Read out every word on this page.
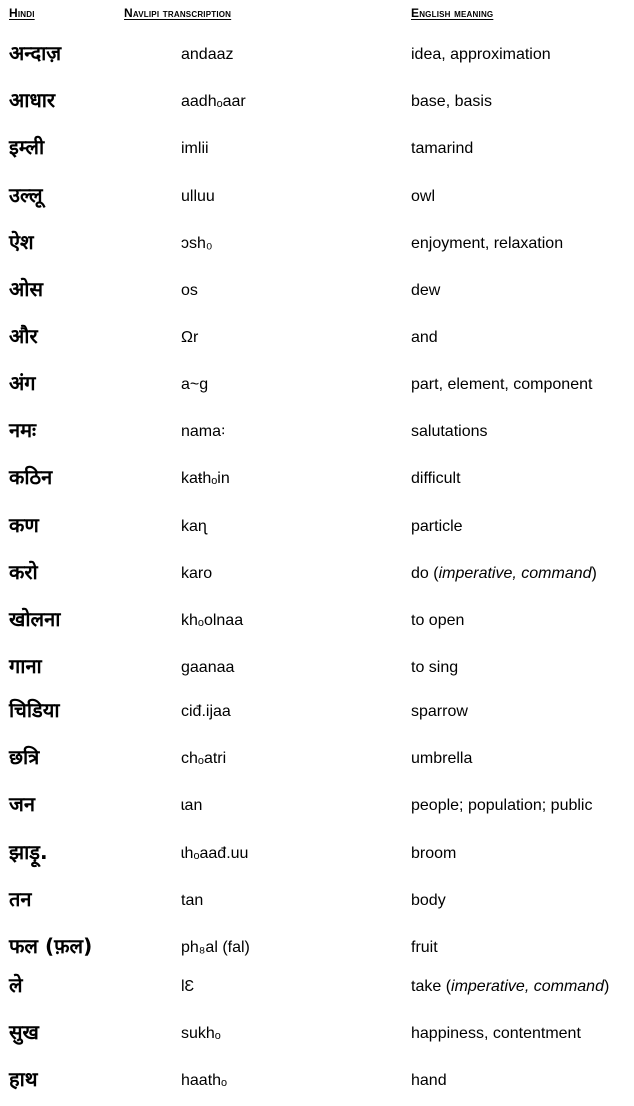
Hindi	Navlipi transcription	English meaning
अन्दाज़	andaaz	idea, approximation
आधार	aadhₒaar	base, basis
इम्ली	imlii	tamarind
उल्लू	ulluu	owl
ऐश	ɔsh₀	enjoyment, relaxation
ओस	os	dew
और	Ωr	and
अंग	a~g	part, element, component
नमः	nama꞉	salutations
कठिन	kaŧhₒin	difficult
कण	kaɳ	particle
करो	karo	do (imperative, command)
खोलना	khₒolnaa	to open
गाना	gaanaa	to sing
चिडिया	ciđ.ijaa	sparrow
छत्रि	chₒatri	umbrella
जन	ɩan	people; population; public
झाड़ू.	ɩhₒaađ.uu	broom
तन	tan	body
फल (फ़ल)	ph₈al (fal)	fruit
ले	lƐ	take (imperative, command)
सुख	sukhₒ	happiness, contentment
हाथ	haathₒ	hand
